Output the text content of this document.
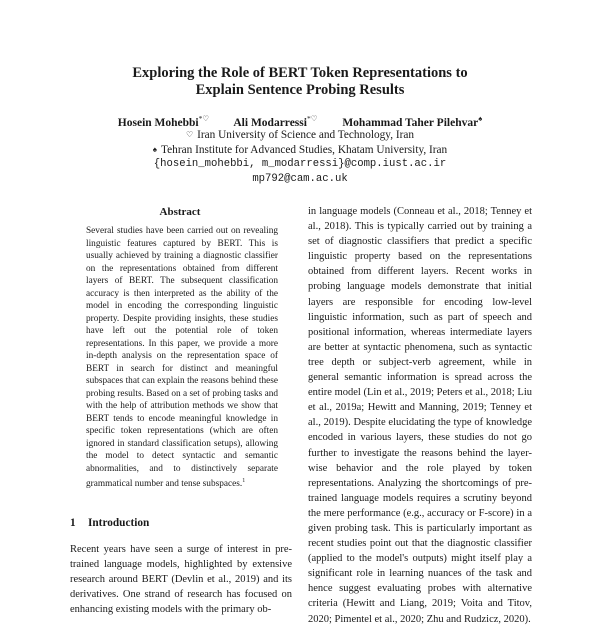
Exploring the Role of BERT Token Representations to
Explain Sentence Probing Results
Hosein Mohebbi*♡ Ali Modarressi*♡ Mohammad Taher Pilehvar♠
♡ Iran University of Science and Technology, Iran
♠ Tehran Institute for Advanced Studies, Khatam University, Iran
{hosein_mohebbi, m_modarressi}@comp.iust.ac.ir
mp792@cam.ac.uk
Abstract
Several studies have been carried out on revealing linguistic features captured by BERT. This is usually achieved by training a diagnostic classifier on the representations obtained from different layers of BERT. The subsequent classification accuracy is then interpreted as the ability of the model in encoding the corresponding linguistic property. Despite providing insights, these studies have left out the potential role of token representations. In this paper, we provide a more in-depth analysis on the representation space of BERT in search for distinct and meaningful subspaces that can explain the reasons behind these probing results. Based on a set of probing tasks and with the help of attribution methods we show that BERT tends to encode meaningful knowledge in specific token representations (which are often ignored in standard classification setups), allowing the model to detect syntactic and semantic abnormalities, and to distinctively separate grammatical number and tense subspaces.$^1$
1 Introduction

Recent years have seen a surge of interest in pre-trained language models, highlighted by extensive research around BERT (Devlin et al., 2019) and its derivatives. One strand of research has focused on enhancing existing models with the primary ob-

in language models (Conneau et al., 2018; Tenney et al., 2018). This is typically carried out by training a set of diagnostic classifiers that predict a specific linguistic property based on the representations obtained from different layers. Recent works in probing language models demonstrate that initial layers are responsible for encoding low-level linguistic information, such as part of speech and positional information, whereas intermediate layers are better at syntactic phenomena, such as syntactic tree depth or subject-verb agreement, while in general semantic information is spread across the entire model (Lin et al., 2019; Peters et al., 2018; Liu et al., 2019a; Hewitt and Manning, 2019; Tenney et al., 2019). Despite elucidating the type of knowledge encoded in various layers, these studies do not go further to investigate the reasons behind the layer-wise behavior and the role played by token representations. Analyzing the shortcomings of pre-trained language models requires a scrutiny beyond the mere performance (e.g., accuracy or F-score) in a given probing task. This is particularly important as recent studies point out that the diagnostic classifier (applied to the model's outputs) might itself play a significant role in learning nuances of the task and hence suggest evaluating probes with alternative criteria (Hewitt and Liang, 2019; Voita and Titov, 2020; Pimentel et al., 2020; Zhu and Rudzicz, 2020).
